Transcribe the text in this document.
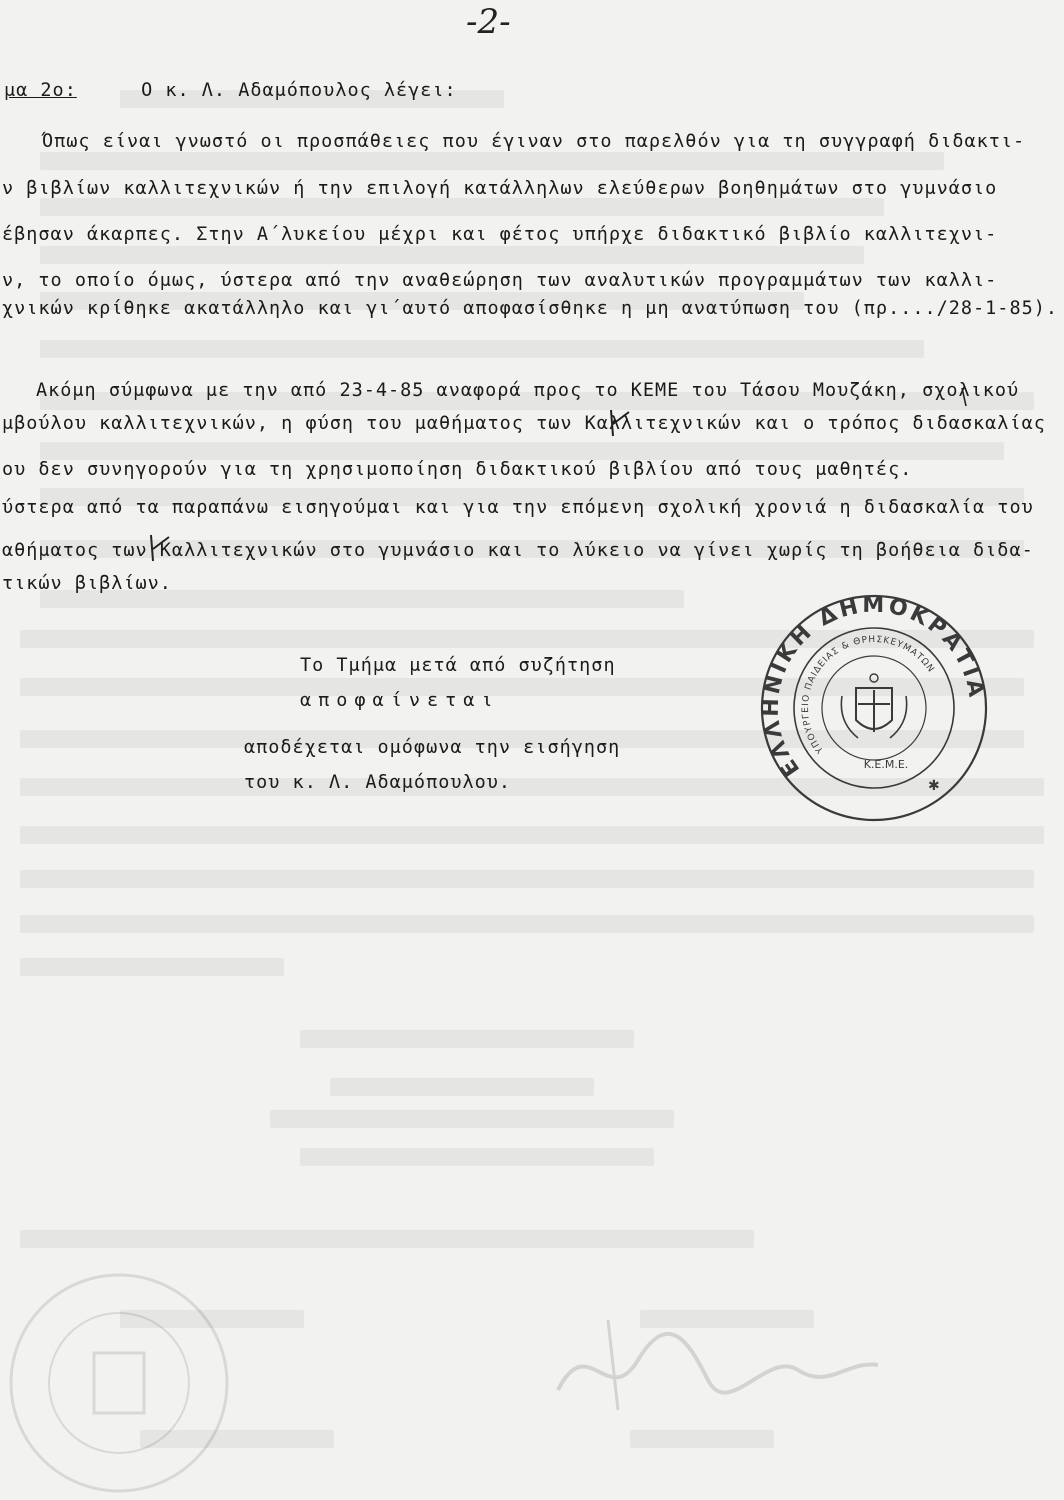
-2-
μα 2ο:	Ο κ. Λ. Αδαμόπουλος λέγει:
Όπως είναι γνωστό οι προσπάθειες που έγιναν στο παρελθόν για τη συγγραφή διδακτι-
ν βιβλίων καλλιτεχνικών ή την επιλογή κατάλληλων ελεύθερων βοηθημάτων στο γυμνάσιο
έβησαν άκαρπες. Στην Α΄λυκείου μέχρι και φέτος υπήρχε διδακτικό βιβλίο καλλιτεχνι-
ν, το οποίο όμως, ύστερα από την αναθεώρηση των αναλυτικών προγραμμάτων των καλλι-
χνικών κρίθηκε ακατάλληλο και γι΄αυτό αποφασίσθηκε η μη ανατύπωση του (πρ..../28-1-85).
Ακόμη σύμφωνα με την από 23-4-85 αναφορά προς το ΚΕΜΕ του Τάσου Μουζάκη, σχολικού
μβούλου καλλιτεχνικών, η φύση του μαθήματος των Καλλιτεχνικών και ο τρόπος διδασκαλίας
ου δεν συνηγορούν για τη χρησιμοποίηση διδακτικού βιβλίου από τους μαθητές.
ύστερα από τα παραπάνω εισηγούμαι και για την επόμενη σχολική χρονιά η διδασκαλία του
αθήματος των Καλλιτεχνικών στο γυμνάσιο και το λύκειο να γίνει χωρίς τη βοήθεια διδα-
τικών βιβλίων.
Το Τμήμα μετά από συζήτηση
αποφαίνεται
αποδέχεται ομόφωνα την εισήγηση
του κ. Λ. Αδαμόπουλου.
ΕΛΛΗΝΙΚΗ ΔΗΜΟΚΡΑΤΙΑ
ΥΠΟΥΡΓΕΙΟ ΠΑΙΔΕΙΑΣ & ΘΡΗΣΚΕΥΜΑΤΩΝ
Κ.Ε.Μ.Ε.
✱
